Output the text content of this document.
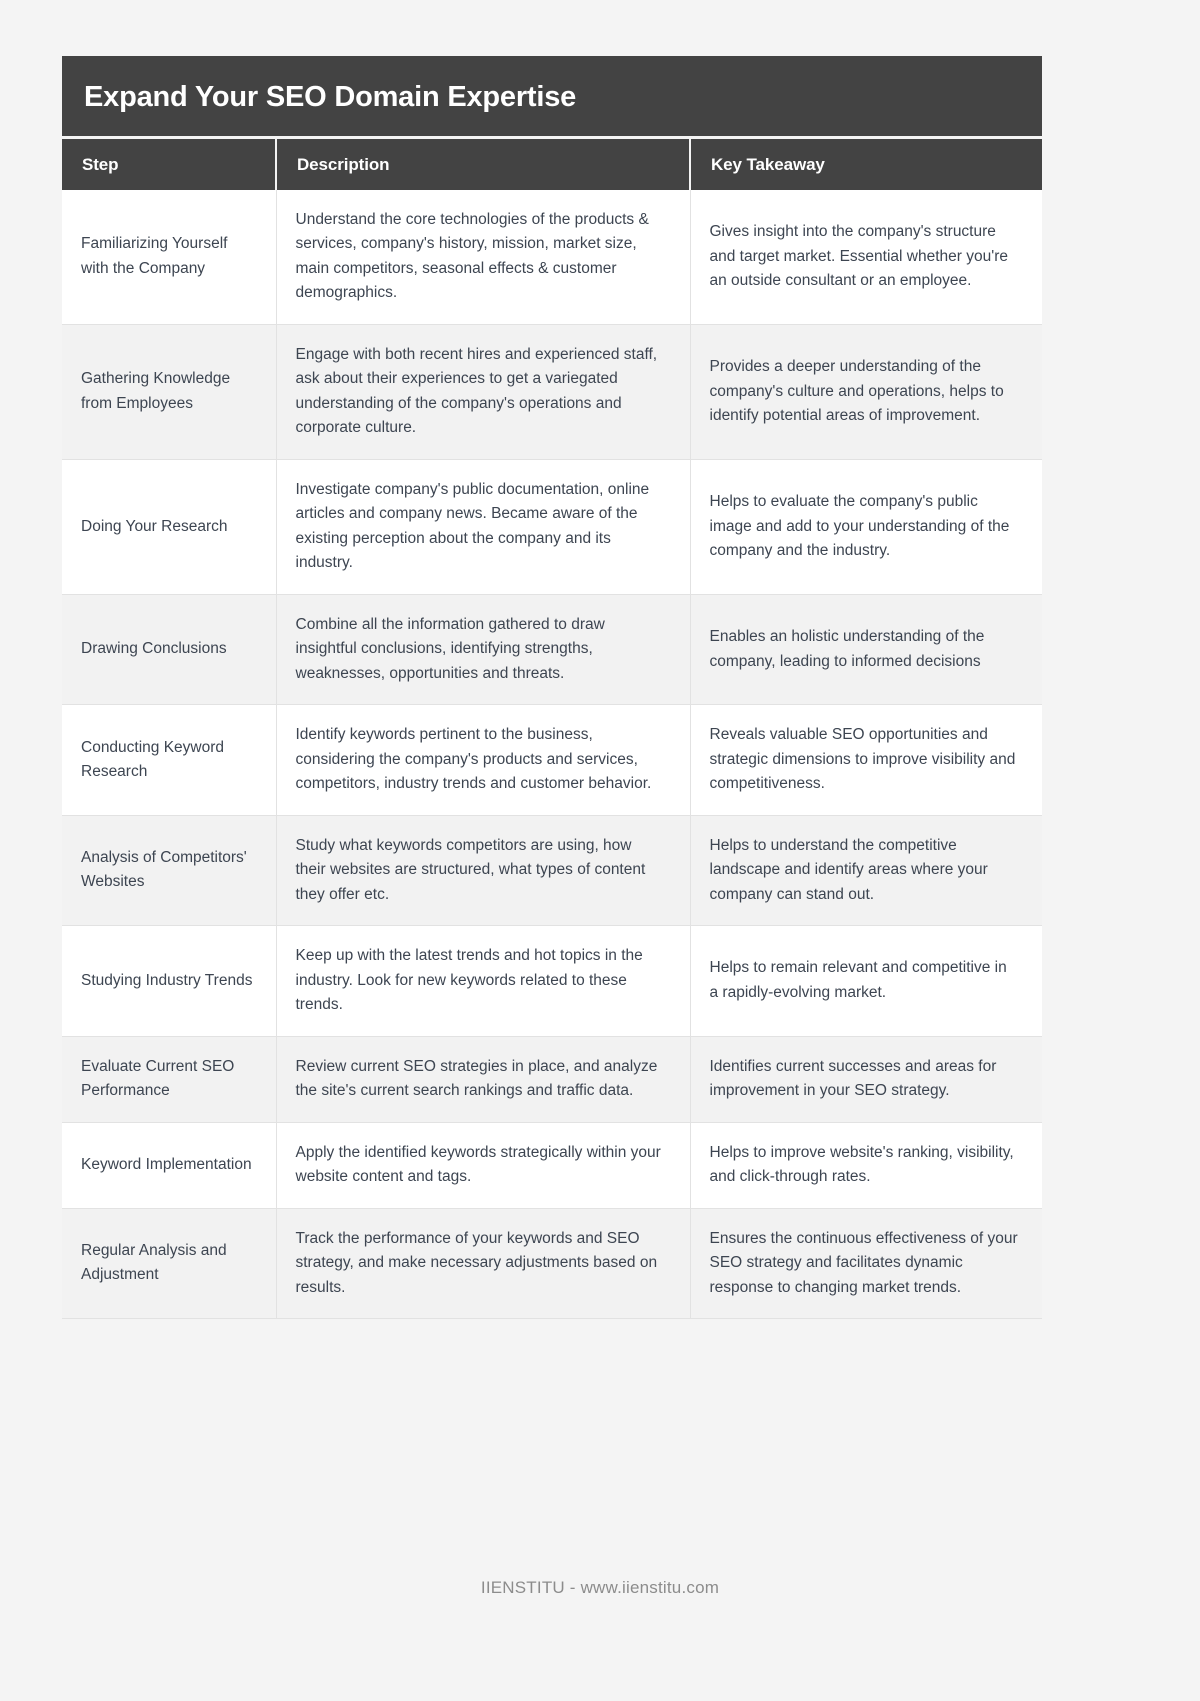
Expand Your SEO Domain Expertise
Step	Description	Key Takeaway
Familiarizing Yourself with the Company	Understand the core technologies of the products & services, company's history, mission, market size, main competitors, seasonal effects & customer demographics.	Gives insight into the company's structure and target market. Essential whether you're an outside consultant or an employee.
Gathering Knowledge from Employees	Engage with both recent hires and experienced staff, ask about their experiences to get a variegated understanding of the company's operations and corporate culture.	Provides a deeper understanding of the company's culture and operations, helps to identify potential areas of improvement.
Doing Your Research	Investigate company's public documentation, online articles and company news. Became aware of the existing perception about the company and its industry.	Helps to evaluate the company's public image and add to your understanding of the company and the industry.
Drawing Conclusions	Combine all the information gathered to draw insightful conclusions, identifying strengths, weaknesses, opportunities and threats.	Enables an holistic understanding of the company, leading to informed decisions
Conducting Keyword Research	Identify keywords pertinent to the business, considering the company's products and services, competitors, industry trends and customer behavior.	Reveals valuable SEO opportunities and strategic dimensions to improve visibility and competitiveness.
Analysis of Competitors' Websites	Study what keywords competitors are using, how their websites are structured, what types of content they offer etc.	Helps to understand the competitive landscape and identify areas where your company can stand out.
Studying Industry Trends	Keep up with the latest trends and hot topics in the industry. Look for new keywords related to these trends.	Helps to remain relevant and competitive in a rapidly-evolving market.
Evaluate Current SEO Performance	Review current SEO strategies in place, and analyze the site's current search rankings and traffic data.	Identifies current successes and areas for improvement in your SEO strategy.
Keyword Implementation	Apply the identified keywords strategically within your website content and tags.	Helps to improve website's ranking, visibility, and click-through rates.
Regular Analysis and Adjustment	Track the performance of your keywords and SEO strategy, and make necessary adjustments based on results.	Ensures the continuous effectiveness of your SEO strategy and facilitates dynamic response to changing market trends.
IIENSTITU - www.iienstitu.com
